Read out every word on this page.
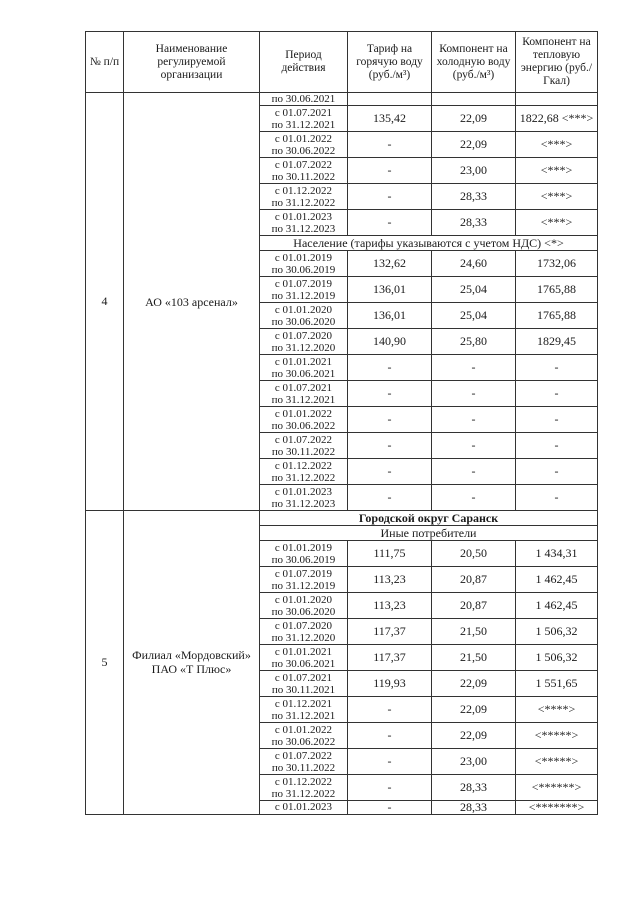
№ п/п	Наименование регулируемой организации	Период действия	Тариф на горячую воду (руб./м³)	Компонент на холодную воду (руб./м³)	Компонент на тепловую энергию (руб./Гкал)
4	АО «103 арсенал»	по 30.06.2021			

		с 01.07.2021
по 31.12.2021	135,42	22,09	1822,68 <***>

		с 01.01.2022
по 30.06.2022	-	22,09	<***>

		с 01.07.2022
по 30.11.2022	-	23,00	<***>

		с 01.12.2022
по 31.12.2022	-	28,33	<***>

		с 01.01.2023
по 31.12.2023	-	28,33	<***>
		Население (тарифы указываются с учетом НДС) <*>			

		с 01.01.2019
по 30.06.2019	132,62	24,60	1732,06

		с 01.07.2019
по 31.12.2019	136,01	25,04	1765,88

		с 01.01.2020
по 30.06.2020	136,01	25,04	1765,88

		с 01.07.2020
по 31.12.2020	140,90	25,80	1829,45

		с 01.01.2021
по 30.06.2021	-	-	-

		с 01.07.2021
по 31.12.2021	-	-	-

		с 01.01.2022
по 30.06.2022	-	-	-

		с 01.07.2022
по 30.11.2022	-	-	-

		с 01.12.2022
по 31.12.2022	-	-	-

		с 01.01.2023
по 31.12.2023	-	-	-
5	Филиал «Мордовский» ПАО «Т Плюс»	Городской округ Саранск			
		Иные потребители			

		с 01.01.2019
по 30.06.2019	111,75	20,50	1 434,31

		с 01.07.2019
по 31.12.2019	113,23	20,87	1 462,45

		с 01.01.2020
по 30.06.2020	113,23	20,87	1 462,45

		с 01.07.2020
по 31.12.2020	117,37	21,50	1 506,32

		с 01.01.2021
по 30.06.2021	117,37	21,50	1 506,32

		с 01.07.2021
по 30.11.2021	119,93	22,09	1 551,65

		с 01.12.2021
по 31.12.2021	-	22,09	<****>

		с 01.01.2022
по 30.06.2022	-	22,09	<*****>

		с 01.07.2022
по 30.11.2022	-	23,00	<*****>

		с 01.12.2022
по 31.12.2022	-	28,33	<******>

		с 01.01.2023	-	28,33	<*******>
